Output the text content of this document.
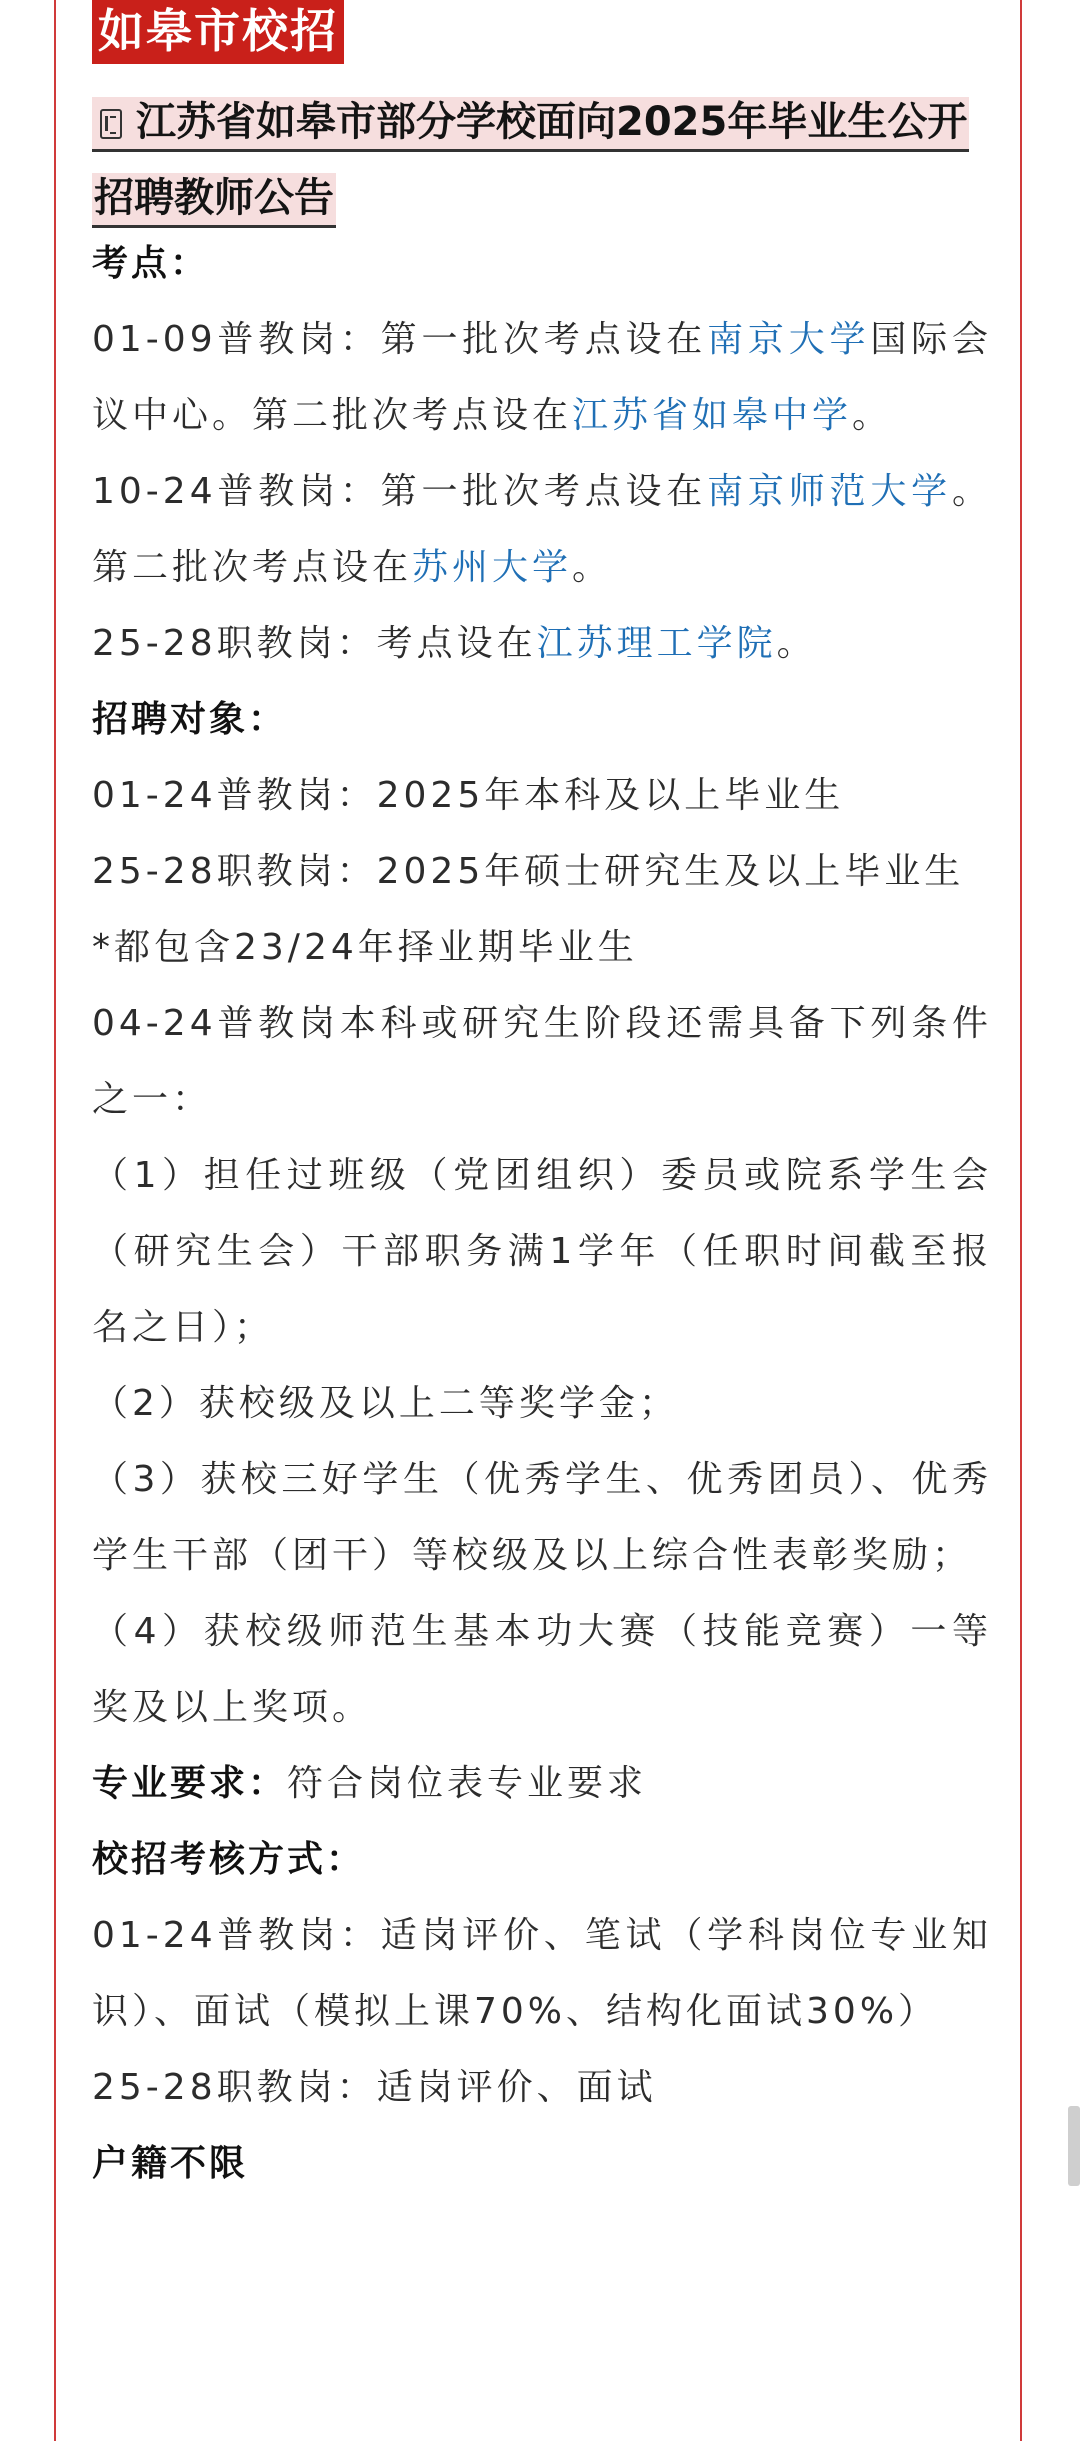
如皋市校招
江苏省如皋市部分学校面向2025年毕业生公开招聘教师公告

考点：

01-09普教岗：第一批次考点设在南京大学国际会议中心。第二批次考点设在江苏省如皋中学。

10-24普教岗：第一批次考点设在南京师范大学。第二批次考点设在苏州大学。

25-28职教岗：考点设在江苏理工学院。

招聘对象：

01-24普教岗：2025年本科及以上毕业生

25-28职教岗：2025年硕士研究生及以上毕业生

*都包含23/24年择业期毕业生

04-24普教岗本科或研究生阶段还需具备下列条件之一：

（1）担任过班级（党团组织）委员或院系学生会（研究生会）干部职务满1学年（任职时间截至报名之日）；

（2）获校级及以上二等奖学金；

（3）获校三好学生（优秀学生、优秀团员）、优秀学生干部（团干）等校级及以上综合性表彰奖励；

（4）获校级师范生基本功大赛（技能竞赛）一等奖及以上奖项。

专业要求：符合岗位表专业要求

校招考核方式：

01-24普教岗：适岗评价、笔试（学科岗位专业知识）、面试（模拟上课70%、结构化面试30%）

25-28职教岗：适岗评价、面试

户籍不限
